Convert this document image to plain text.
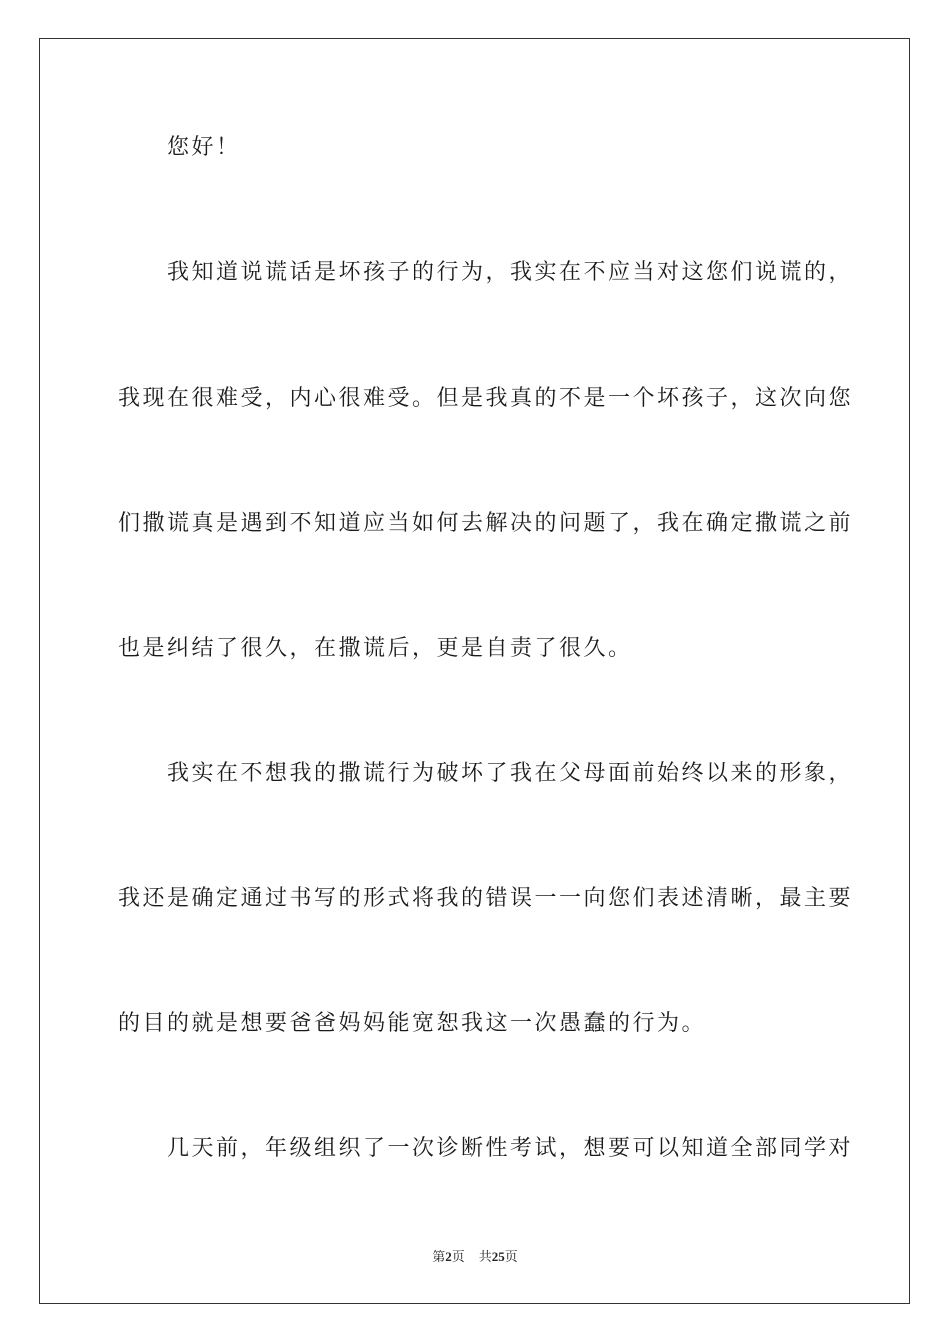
　　您好！
　　我知道说谎话是坏孩子的行为，我实在不应当对这您们说谎的，
我现在很难受，内心很难受。但是我真的不是一个坏孩子，这次向您
们撒谎真是遇到不知道应当如何去解决的问题了，我在确定撒谎之前
也是纠结了很久，在撒谎后，更是自责了很久。
　　我实在不想我的撒谎行为破坏了我在父母面前始终以来的形象，
我还是确定通过书写的形式将我的错误一一向您们表述清晰，最主要
的目的就是想要爸爸妈妈能宽恕我这一次愚蠢的行为。
　　几天前，年级组织了一次诊断性考试，想要可以知道全部同学对
第2页 共25页
